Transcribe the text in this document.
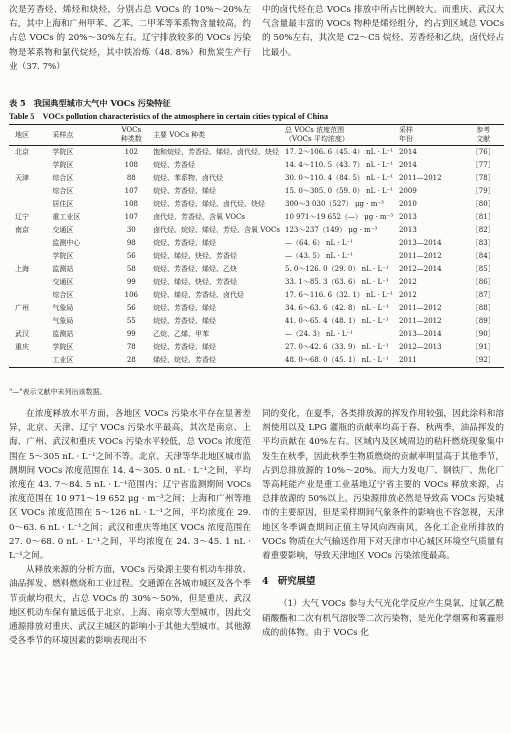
次是芳香烃、烯烃和炔烃，分别占总 VOCs 的 10%～20%左右，其中上海和广州甲苯、乙苯、二甲苯等苯系物含量较高，约占总 VOCs 的 20%～30%左右。辽宁排放较多的 VOCs 污染物是苯系物和氯代烷烃，其中铁冶炼（48. 8%）和焦炭生产行业（37. 7%）

中的卤代烃在总 VOCs 排放中所占比例较大。而重庆、武汉大气含量最丰富的 VOCs 物种是烯烃组分，约占到区域总 VOCs 的 50%左右，其次是 C2～C5 烷烃、芳香烃和乙炔，卤代烃占比最小。

表 5　我国典型城市大气中 VOCs 污染特征
Table 5　VOCs pollution characteristics of the atmosphere in certain cities typical of China
地区	采样点	VOCs
种类数	主要 VOCs 种类	总 VOCs 浓度范围
（VOCs 平均浓度）	采样
年份	参考
文献
北京	学院区	102	饱和烷烃、芳香烃、烯烃、卤代烃、炔烃	17. 2～106. 6（45. 4） nL · L⁻¹	2014	［76］
	学院区	108	烷烃、芳香烃	14. 4～110. 5（43. 7） nL · L⁻¹	2014	［77］
天津	综合区	88	烷烃、苯系物、卤代烃	30. 0～110. 4（84. 5） nL · L⁻¹	2011—2012	［78］
	综合区	107	烷烃、芳香烃、烯烃	15. 0～305. 0（59. 0） nL · L⁻¹	2009	［79］
	居住区	108	烷烃、芳香烃、烯烃、卤代烃、炔烃	300～3 030（527） μg · m⁻³	2010	［80］
辽宁	重工业区	107	卤代烃、芳香烃、含氧 VOCs	10 971～19 652（—） μg · m⁻³	2013	［81］
南京	交通区	30	卤代烃、烷烃、烯烃、芳烃、含氧 VOCs	123～237（149） μg · m⁻³	2013	［82］
	监测中心	98	烷烃、芳香烃、烯烃	—（64. 6） nL · L⁻¹	2013—2014	［83］
	学院区	56	烷烃、烯烃、炔烃、芳香烃	—（43. 5） nL · L⁻¹	2011—2012	［84］
上海	监测站	58	烷烃、芳香烃、烯烃、乙炔	5. 0～126. 0（29. 0） nL · L⁻¹	2012—2014	［85］
	交通区	99	烷烃、烯烃、炔烃、芳香烃	33. 1～85. 3（63. 6） nL · L⁻¹	2012	［86］
	综合区	106	烷烃、烯烃、芳香烃、卤代烃	17. 6～116. 6（32. 1） nL · L⁻¹	2012	［87］
广州	气象局	56	烷烃、芳香烃、烯烃	34. 6～63. 6（42. 8） nL · L⁻¹	2011—2012	［88］
	气象局	55	烷烃、芳香烃、烯烃	41. 0～65. 4（48. 1） nL · L⁻¹	2011—2012	［89］
武汉	监测站	99	乙烷、乙烯、甲苯	—（24. 3） nL · L⁻¹	2013—2014	［90］
重庆	学院区	78	烷烃、芳香烃、烯烃	27. 0～42. 6（33. 9） nL · L⁻¹	2012—2013	［91］
	工业区	28	烯烃、烷烃、芳香烃	48. 0～68. 0（45. 1） nL · L⁻¹	2011	［92］
"—"表示文献中未列出该数据。

在浓度释放水平方面，各地区 VOCs 污染水平存在显著差异，北京、天津、辽宁 VOCs 污染水平最高，其次是南京、上海、广州、武汉和重庆 VOCs 污染水平较低，总 VOCs 浓度范围在 5～305 nL · L⁻¹之间不等。北京、天津等华北地区城市监测期间 VOCs 浓度范围在 14. 4～305. 0 nL · L⁻¹之间，平均浓度在 43. 7～84. 5 nL · L⁻¹范围内；辽宁省监测期间 VOCs 浓度范围在 10 971～19 652 μg · m⁻³之间；上海和广州等地区 VOCs 浓度范围在 5～126 nL · L⁻¹之间，平均浓度在 29. 0～63. 6 nL · L⁻¹之间；武汉和重庆等地区 VOCs 浓度范围在 27. 0～68. 0 nL · L⁻¹之间，平均浓度在 24. 3～45. 1 nL · L⁻¹之间。

从释放来源的分析方面，VOCs 污染源主要有机动车排放、油品挥发、燃料燃烧和工业过程。交通源在各城市城区及各个季节贡献均很大，占总 VOCs 的 30%～50%，但是重庆、武汉地区机动车保有量远低于北京、上海、南京等大型城市，因此交通源排放对重庆、武汉主城区的影响小于其他大型城市。其他源受各季节的环境因素的影响表现出不

同的变化，在夏季，各类排放源的挥发作用较强，因此涂料和溶剂使用以及 LPG 灌瓶的贡献率均高于春、秋两季，油品挥发的平均贡献在 40%左右。区域内及区域周边的秸秆燃烧现象集中发生在秋季，因此秋季生物质燃烧的贡献率明显高于其他季节，占到总排放源的 10%～20%。而大力发电厂、钢铁厂、焦化厂等高耗能产业是重工业基地辽宁省主要的 VOCs 释放来源，占总排放源的 50%以上。污染源排放必然是导致高 VOCs 污染城市的主要原因，但是采样期间气象条件的影响也不容忽视，天津地区冬季调查期间正值主导风向西南风，各化工企业所排放的 VOCs 物质在大气输送作用下对天津市中心城区环境空气质量有着重要影响，导致天津地区 VOCs 污染浓度最高。

4　研究展望

（1）大气 VOCs 参与大气光化学反应产生臭氧、过氧乙酰硝酸酯和二次有机气溶胶等二次污染物，是光化学烟雾和雾霾形成的前体物。由于 VOCs 化
